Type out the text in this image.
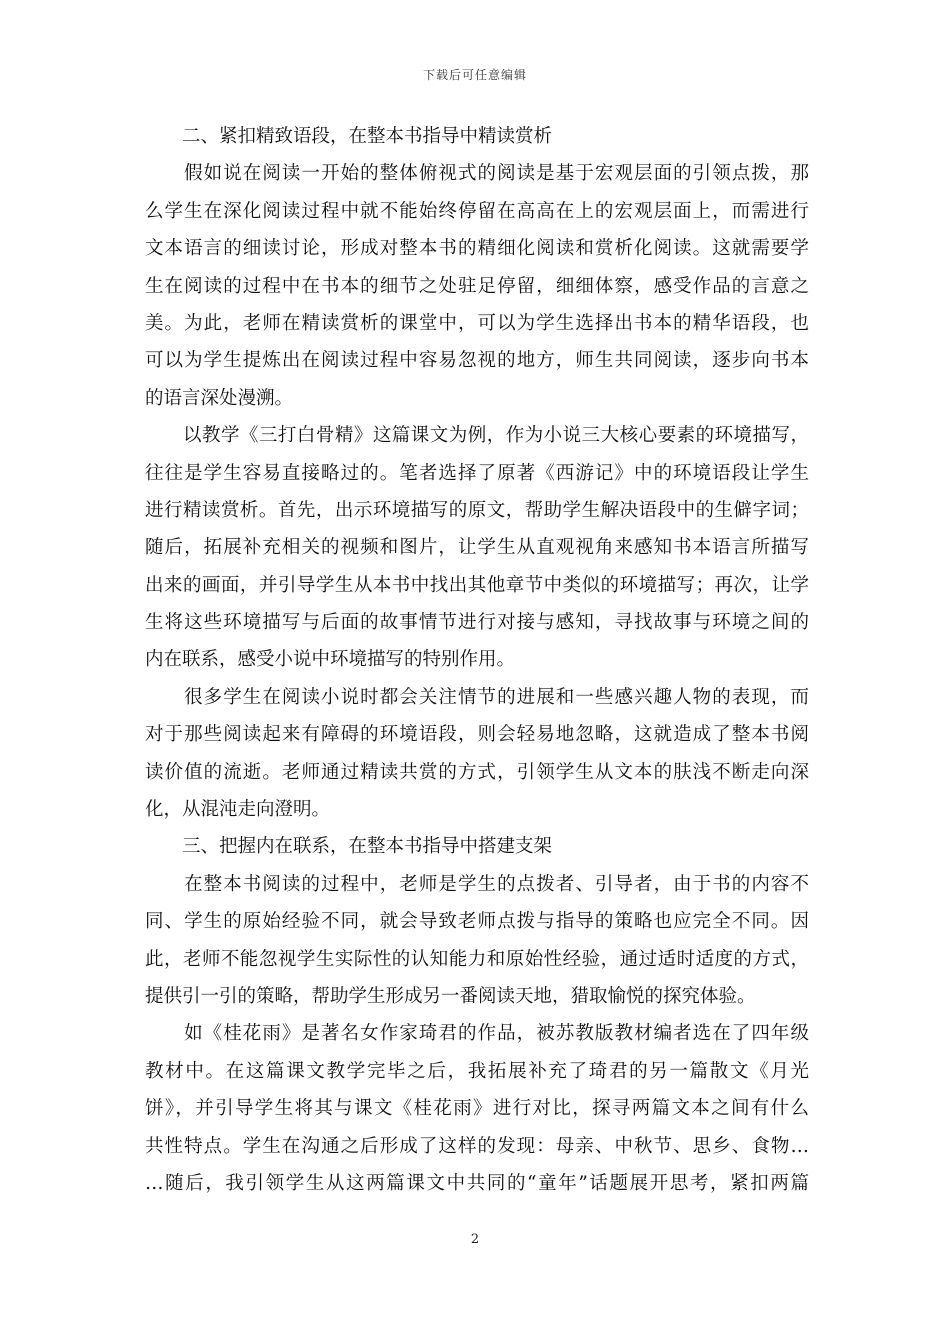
下载后可任意编辑
二、紧扣精致语段，在整本书指导中精读赏析
　　假如说在阅读一开始的整体俯视式的阅读是基于宏观层面的引领点拨，那
么学生在深化阅读过程中就不能始终停留在高高在上的宏观层面上，而需进行
文本语言的细读讨论，形成对整本书的精细化阅读和赏析化阅读。这就需要学
生在阅读的过程中在书本的细节之处驻足停留，细细体察，感受作品的言意之
美。为此，老师在精读赏析的课堂中，可以为学生选择出书本的精华语段，也
可以为学生提炼出在阅读过程中容易忽视的地方，师生共同阅读，逐步向书本
的语言深处漫溯。
　　以教学《三打白骨精》这篇课文为例，作为小说三大核心要素的环境描写，
往往是学生容易直接略过的。笔者选择了原著《西游记》中的环境语段让学生
进行精读赏析。首先，出示环境描写的原文，帮助学生解决语段中的生僻字词；
随后，拓展补充相关的视频和图片，让学生从直观视角来感知书本语言所描写
出来的画面，并引导学生从本书中找出其他章节中类似的环境描写；再次，让学
生将这些环境描写与后面的故事情节进行对接与感知，寻找故事与环境之间的
内在联系，感受小说中环境描写的特别作用。
　　很多学生在阅读小说时都会关注情节的进展和一些感兴趣人物的表现，而
对于那些阅读起来有障碍的环境语段，则会轻易地忽略，这就造成了整本书阅
读价值的流逝。老师通过精读共赏的方式，引领学生从文本的肤浅不断走向深
化，从混沌走向澄明。
三、把握内在联系，在整本书指导中搭建支架
　　在整本书阅读的过程中，老师是学生的点拨者、引导者，由于书的内容不
同、学生的原始经验不同，就会导致老师点拨与指导的策略也应完全不同。因
此，老师不能忽视学生实际性的认知能力和原始性经验，通过适时适度的方式，
提供引一引的策略，帮助学生形成另一番阅读天地，猎取愉悦的探究体验。
　　如《桂花雨》是著名女作家琦君的作品，被苏教版教材编者选在了四年级
教材中。在这篇课文教学完毕之后，我拓展补充了琦君的另一篇散文《月光
饼》，并引导学生将其与课文《桂花雨》进行对比，探寻两篇文本之间有什么
共性特点。学生在沟通之后形成了这样的发现：母亲、中秋节、思乡、食物…
…随后，我引领学生从这两篇课文中共同的“童年”话题展开思考，紧扣两篇
2
